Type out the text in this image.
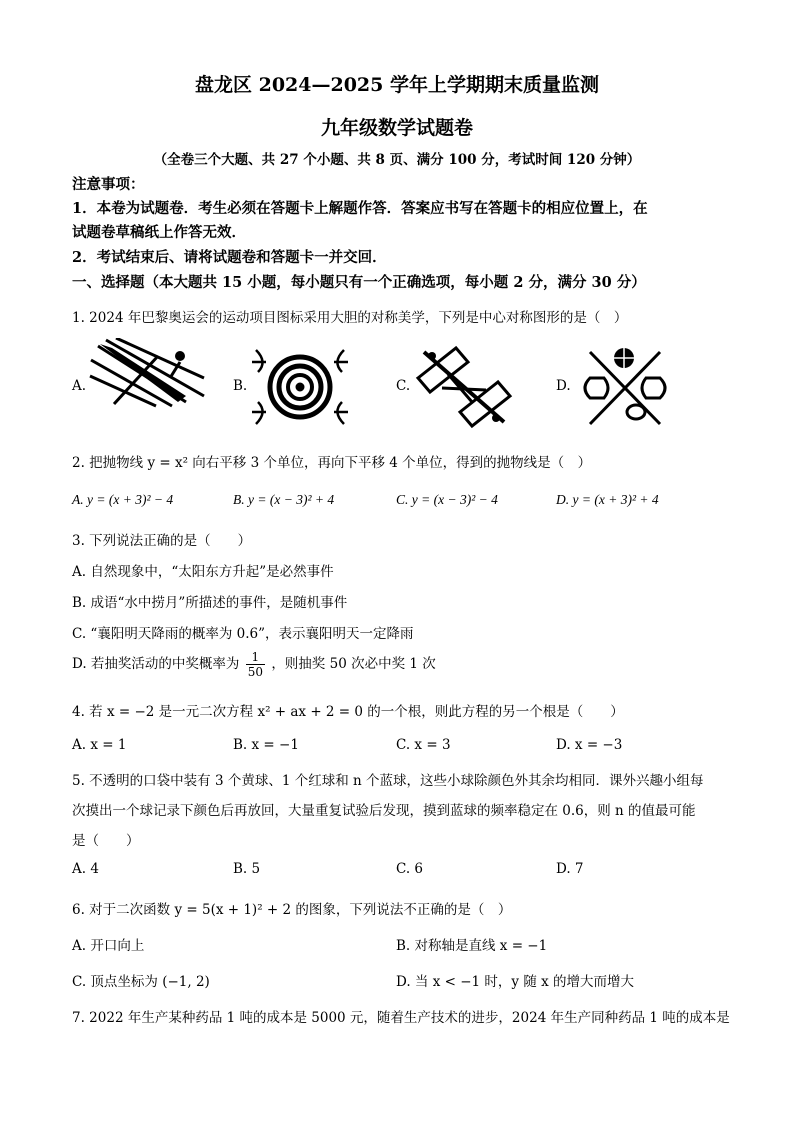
盘龙区 2024—2025 学年上学期期末质量监测
九年级数学试题卷
（全卷三个大题、共 27 个小题、共 8 页、满分 100 分，考试时间 120 分钟）
注意事项：
1．本卷为试题卷．考生必须在答题卡上解题作答．答案应书写在答题卡的相应位置上，在
试题卷草稿纸上作答无效．
2．考试结束后、请将试题卷和答题卡一并交回．
一、选择题（本大题共 15 小题，每小题只有一个正确选项，每小题 2 分，满分 30 分）
1. 2024 年巴黎奥运会的运动项目图标采用大胆的对称美学，下列是中心对称图形的是（　）
A.	B.	C.	D.
2. 把抛物线 y = x² 向右平移 3 个单位，再向下平移 4 个单位，得到的抛物线是（　）
A. y = (x + 3)² − 4	B. y = (x − 3)² + 4	C. y = (x − 3)² − 4	D. y = (x + 3)² + 4
3. 下列说法正确的是（　　）
A. 自然现象中，“太阳东方升起”是必然事件
B. 成语“水中捞月”所描述的事件，是随机事件
C. “襄阳明天降雨的概率为 0.6”，表示襄阳明天一定降雨
D. 若抽奖活动的中奖概率为 $\frac{1}{50}$ ，则抽奖 50 次必中奖 1 次
4. 若 x = −2 是一元二次方程 x² + ax + 2 = 0 的一个根，则此方程的另一个根是（　　）
A. x = 1	B. x = −1	C. x = 3	D. x = −3
5. 不透明的口袋中装有 3 个黄球、1 个红球和 n 个蓝球，这些小球除颜色外其余均相同．课外兴趣小组每
次摸出一个球记录下颜色后再放回，大量重复试验后发现，摸到蓝球的频率稳定在 0.6，则 n 的值最可能
是（　　）
A. 4	B. 5	C. 6	D. 7
6. 对于二次函数 y = 5(x + 1)² + 2 的图象，下列说法不正确的是（　）
A. 开口向上	B. 对称轴是直线 x = −1
C. 顶点坐标为 (−1, 2)	D. 当 x < −1 时，y 随 x 的增大而增大
7. 2022 年生产某种药品 1 吨的成本是 5000 元，随着生产技术的进步，2024 年生产同种药品 1 吨的成本是
